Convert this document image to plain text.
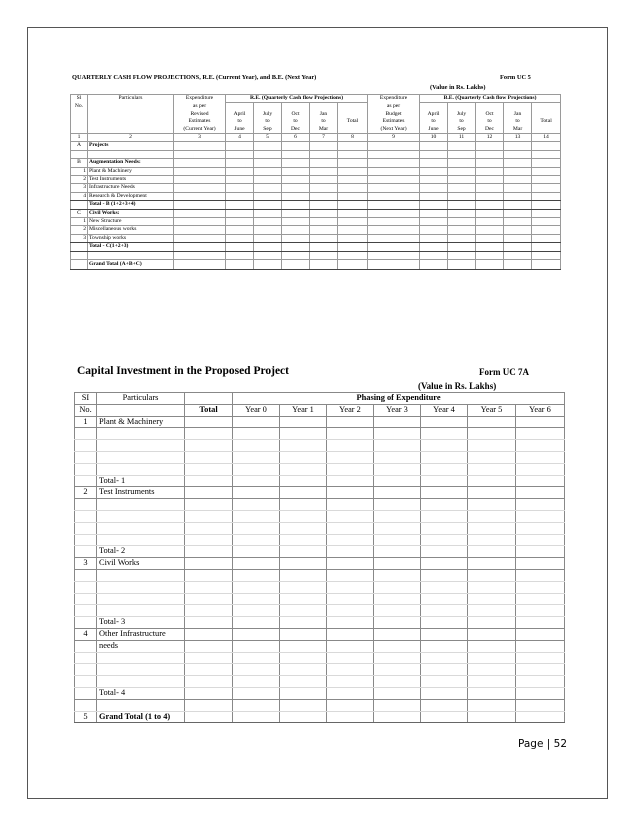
QUARTERLY CASH FLOW PROJECTIONS, R.E. (Current Year), and B.E. (Next Year)	Form UC 5
(Value in Rs. Lakhs)
Sl	Particulars	Expenditure	R.E. (Quarterly Cash flow Projections)					Expenditure	B.E. (Quarterly Cash flow Projections)				
No.		as per						as per					
		Revised	April	July	Oct	Jan		Budget	April	July	Oct	Jan	
		Estimates	to	to	to	to	Total	Estimates	to	to	to	to	Total
		(Current Year)	June	Sep	Dec	Mar		(Next Year)	June	Sep	Dec	Mar	
1	2	3	4	5	6	7	8	9	10	11	12	13	14
A	Projects												

B	Augmentation Needs:												
1	Plant & Machinery												
2	Test Instruments												
3	Infrastructure Needs												
4	Research & Development												
	Total - B (1+2+3+4)												
C	Civil Works:												
1	New Structure												
2	Miscellaneous works												
3	Township works												
	Total - C(1+2+3)												

	Grand Total (A+B+C)												
Capital Investment in the Proposed Project	Form UC 7A
(Value in Rs. Lakhs)
SI	Particulars		Phasing of Expenditure						
No.		Total	Year 0	Year 1	Year 2	Year 3	Year 4	Year 5	Year 6
1	Plant & Machinery								

	Total- 1								
2	Test Instruments								

	Total- 2								
3	Civil Works								

	Total- 3								
4	Other Infrastructure								
	needs								

	Total- 4								

5	Grand Total (1 to 4)								
Page | 52
